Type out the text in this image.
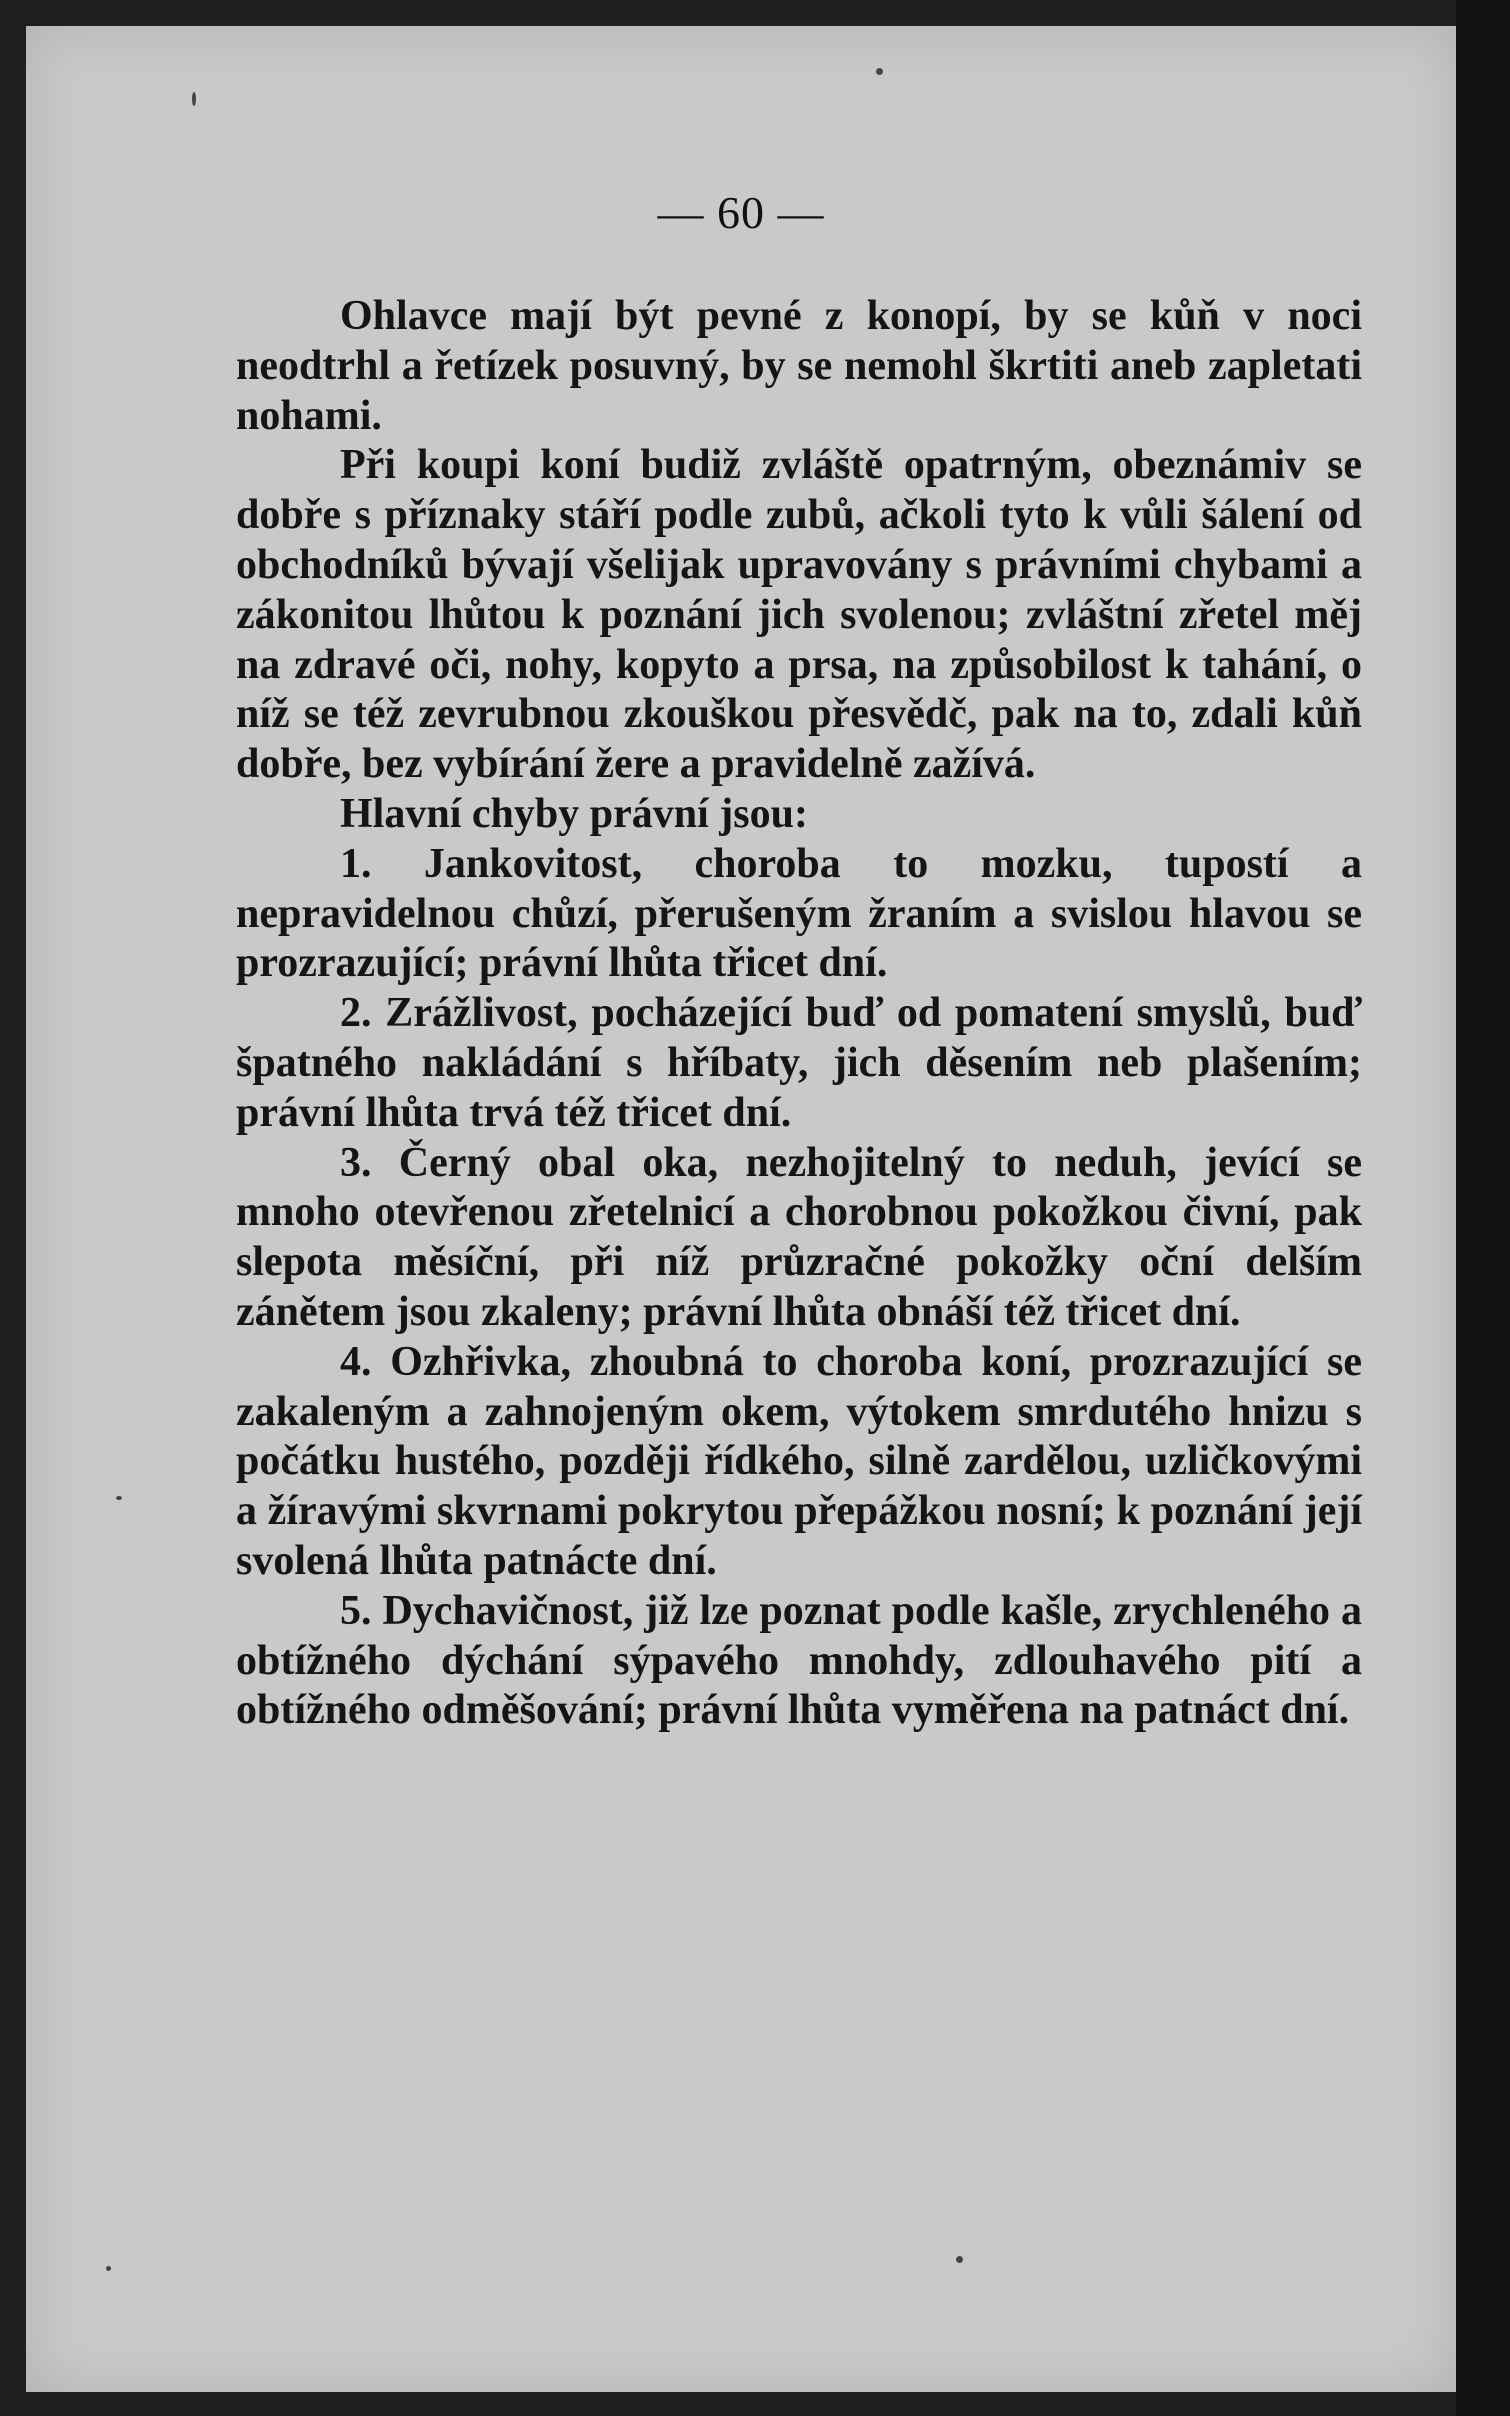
— 60 —

Ohlavce mají být pevné z konopí, by se kůň v noci neodtrhl a řetízek posuvný, by se nemohl škrtiti aneb zapletati nohami.

Při koupi koní budiž zvláště opatrným, obeznámiv se dobře s příznaky stáří podle zubů, ačkoli tyto k vůli šálení od obchodníků bývají všelijak upravovány s právními chybami a zákonitou lhůtou k poznání jich svolenou; zvláštní zřetel měj na zdravé oči, nohy, kopyto a prsa, na způsobilost k tahání, o níž se též zevrubnou zkouškou přesvědč, pak na to, zdali kůň dobře, bez vybírání žere a pravidelně zažívá.

Hlavní chyby právní jsou:

1. Jankovitost, choroba to mozku, tupostí a nepravidelnou chůzí, přerušeným žraním a svislou hlavou se prozrazující; právní lhůta třicet dní.

2. Zrážlivost, pocházející buď od pomatení smyslů, buď špatného nakládání s hříbaty, jich děsením neb plašením; právní lhůta trvá též třicet dní.

3. Černý obal oka, nezhojitelný to neduh, jevící se mnoho otevřenou zřetelnicí a chorobnou pokožkou čivní, pak slepota měsíční, při níž průzračné pokožky oční delším zánětem jsou zkaleny; právní lhůta obnáší též třicet dní.

4. Ozhřivka, zhoubná to choroba koní, prozrazující se zakaleným a zahnojeným okem, výtokem smrdutého hnizu s počátku hustého, později řídkého, silně zardělou, uzličkovými a žíravými skvrnami pokrytou přepážkou nosní; k poznání její svolená lhůta patnácte dní.

5. Dychavičnost, již lze poznat podle kašle, zrychleného a obtížného dýchání sýpavého mnohdy, zdlouhavého pití a obtížného odměšování; právní lhůta vyměřena na patnáct dní.
